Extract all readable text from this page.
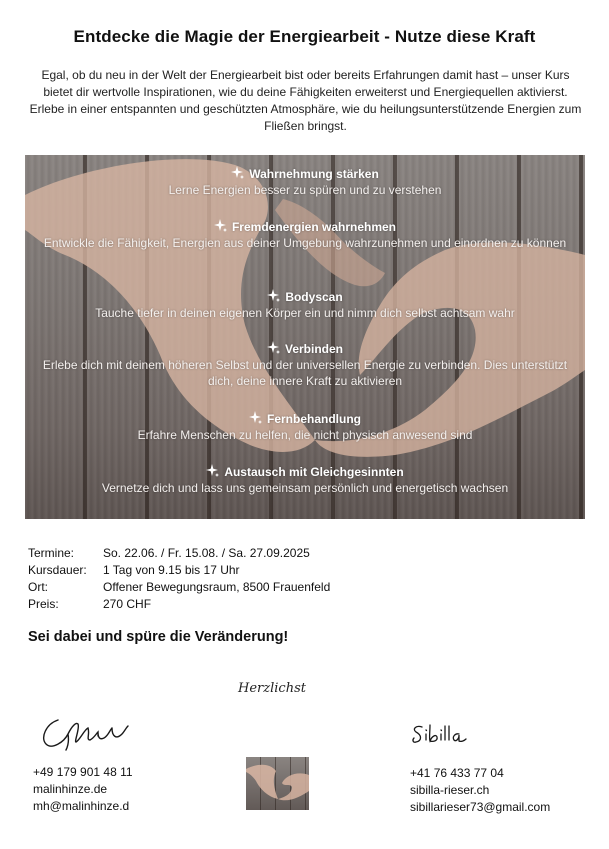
Entdecke die Magie der Energiearbeit - Nutze diese Kraft
Egal, ob du neu in der Welt der Energiearbeit bist oder bereits Erfahrungen damit hast – unser Kurs bietet dir wertvolle Inspirationen, wie du deine Fähigkeiten erweiterst und Energiequellen aktivierst. Erlebe in einer entspannten und geschützten Atmosphäre, wie du heilungsunterstützende Energien zum Fließen bringst.
Wahrnehmung stärken
Lerne Energien besser zu spüren und zu verstehen
Fremdenergien wahrnehmen
Entwickle die Fähigkeit, Energien aus deiner Umgebung wahrzunehmen und einordnen zu können
Bodyscan
Tauche tiefer in deinen eigenen Körper ein und nimm dich selbst achtsam wahr
Verbinden
Erlebe dich mit deinem höheren Selbst und der universellen Energie zu verbinden. Dies unterstützt dich, deine innere Kraft zu aktivieren
Fernbehandlung
Erfahre Menschen zu helfen, die nicht physisch anwesend sind
Austausch mit Gleichgesinnten
Vernetze dich und lass uns gemeinsam persönlich und energetisch wachsen
Termine:	So. 22.06. / Fr. 15.08. / Sa. 27.09.2025
Kursdauer:	1 Tag von 9.15 bis 17 Uhr
Ort:	Offener Bewegungsraum, 8500 Frauenfeld
Preis:	270 CHF
Sei dabei und spüre die Veränderung!
Herzlichst
+49 179 901 48 11
malinhinze.de
mh@malinhinze.d
+41 76 433 77 04
sibilla-rieser.ch
sibillarieser73@gmail.com
